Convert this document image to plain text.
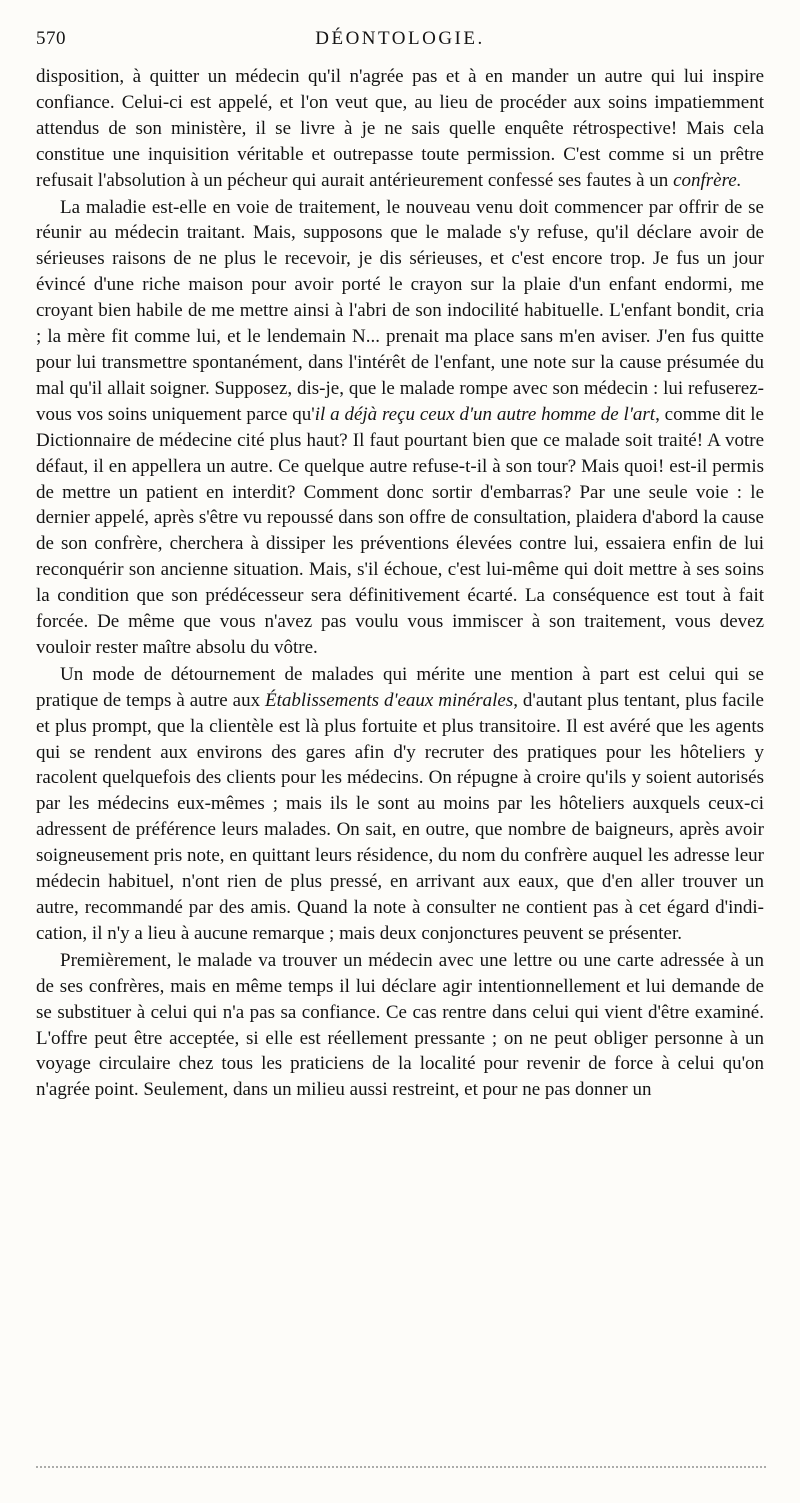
570	DÉONTOLOGIE.

disposition, à quitter un médecin qu'il n'agrée pas et à en mander un autre qui lui inspire confiance. Celui-ci est appelé, et l'on veut que, au lieu de procéder aux soins impatiemment attendus de son ministère, il se livre à je ne sais quelle enquête rétrospective! Mais cela constitue une inquisition véritable et outrepasse toute permission. C'est comme si un prêtre refusait l'absolution à un pécheur qui aurait antérieurement confessé ses fautes à un confrère.

La maladie est-elle en voie de traitement, le nouveau venu doit commencer par offrir de se réunir au médecin traitant. Mais, supposons que le malade s'y refuse, qu'il déclare avoir de sérieuses raisons de ne plus le recevoir, je dis sérieuses, et c'est encore trop. Je fus un jour évincé d'une riche maison pour avoir porté le crayon sur la plaie d'un enfant endormi, me croyant bien habile de me mettre ainsi à l'abri de son indocilité habituelle. L'enfant bondit, cria ; la mère fit comme lui, et le lendemain N... prenait ma place sans m'en aviser. J'en fus quitte pour lui transmettre spontanément, dans l'intérêt de l'enfant, une note sur la cause présumée du mal qu'il allait soigner. Supposez, dis-je, que le malade rompe avec son médecin : lui refuserez-vous vos soins uniquement parce qu'il a déjà reçu ceux d'un autre homme de l'art, comme dit le Dictionnaire de médecine cité plus haut? Il faut pourtant bien que ce malade soit traité! A votre défaut, il en appellera un autre. Ce quelque autre refuse-t-il à son tour? Mais quoi! est-il permis de mettre un patient en interdit? Comment donc sortir d'embarras? Par une seule voie : le dernier appelé, après s'être vu repoussé dans son offre de consultation, plaidera d'abord la cause de son confrère, cherchera à dissiper les préventions élevées contre lui, essaiera enfin de lui reconquérir son ancienne situation. Mais, s'il échoue, c'est lui-même qui doit mettre à ses soins la condition que son prédécesseur sera définitivement écarté. La conséquence est tout à fait forcée. De même que vous n'avez pas voulu vous immiscer à son traitement, vous devez vouloir rester maître absolu du vôtre.

Un mode de détournement de malades qui mérite une mention à part est celui qui se pratique de temps à autre aux Établissements d'eaux minérales, d'autant plus tentant, plus facile et plus prompt, que la clientèle est là plus fortuite et plus transitoire. Il est avéré que les agents qui se rendent aux environs des gares afin d'y recruter des pratiques pour les hôteliers y racolent quelquefois des clients pour les médecins. On répugne à croire qu'ils y soient autorisés par les médecins eux-mêmes ; mais ils le sont au moins par les hôteliers auxquels ceux-ci adressent de préférence leurs malades. On sait, en outre, que nombre de baigneurs, après avoir soigneusement pris note, en quittant leurs résidence, du nom du confrère auquel les adresse leur médecin habituel, n'ont rien de plus pressé, en arrivant aux eaux, que d'en aller trouver un autre, recommandé par des amis. Quand la note à consulter ne contient pas à cet égard d'indication, il n'y a lieu à aucune remarque ; mais deux conjonctures peuvent se présenter.

Premièrement, le malade va trouver un médecin avec une lettre ou une carte adressée à un de ses confrères, mais en même temps il lui déclare agir intentionnellement et lui demande de se substituer à celui qui n'a pas sa confiance. Ce cas rentre dans celui qui vient d'être examiné. L'offre peut être acceptée, si elle est réellement pressante ; on ne peut obliger personne à un voyage circulaire chez tous les praticiens de la localité pour revenir de force à celui qu'on n'agrée point. Seulement, dans un milieu aussi restreint, et pour ne pas donner un
